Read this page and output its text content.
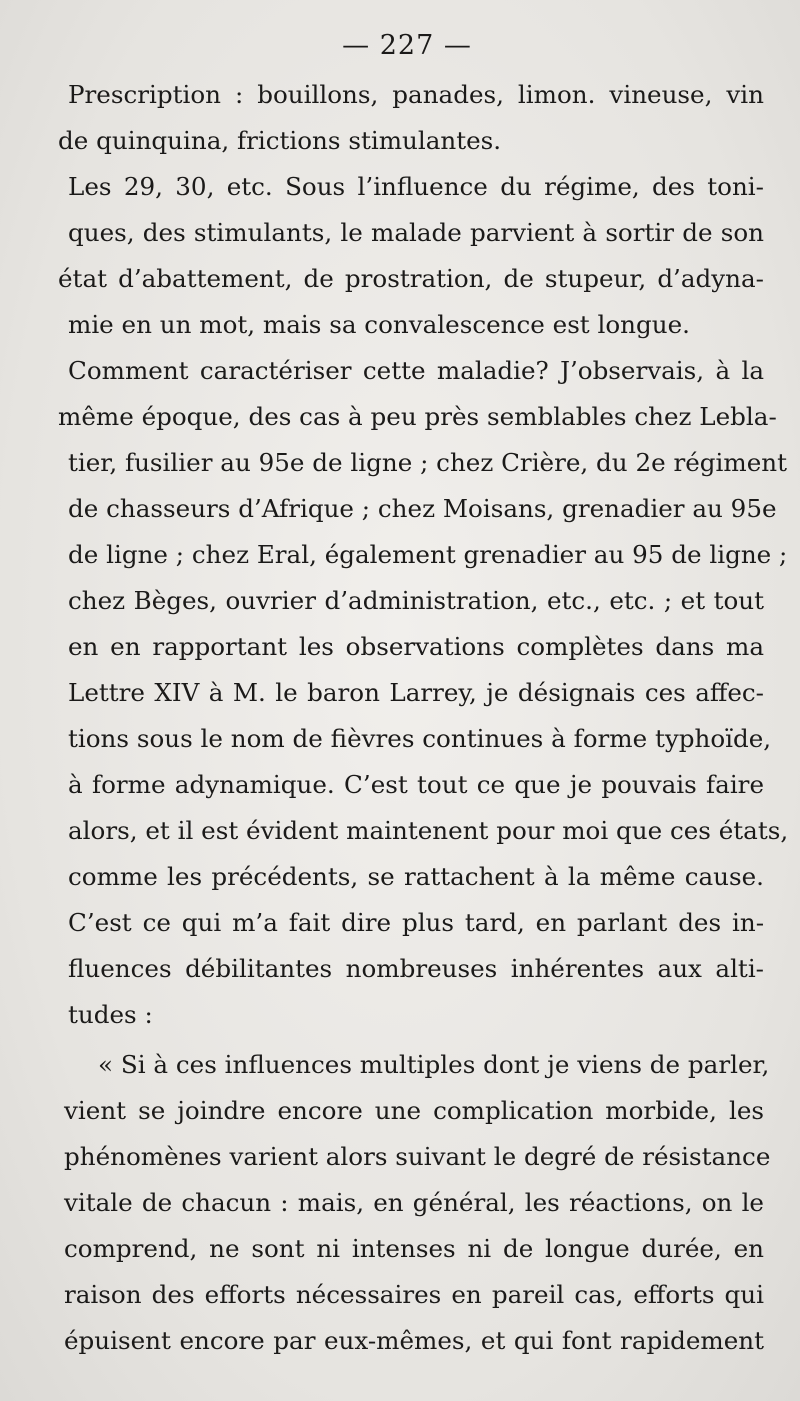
— 227 —
Prescription : bouillons, panades, limon. vineuse, vin
de quinquina, frictions stimulantes.
Les 29, 30, etc. Sous l’influence du régime, des toni-
ques, des stimulants, le malade parvient à sortir de son
état d’abattement, de prostration, de stupeur, d’adyna-
mie en un mot, mais sa convalescence est longue.
Comment caractériser cette maladie? J’observais, à la
même époque, des cas à peu près semblables chez Lebla-
tier, fusilier au 95e de ligne ; chez Crière, du 2e régiment
de chasseurs d’Afrique ; chez Moisans, grenadier au 95e
de ligne ; chez Eral, également grenadier au 95 de ligne ;
chez Bèges, ouvrier d’administration, etc., etc. ; et tout
en en rapportant les observations complètes dans ma
Lettre XIV à M. le baron Larrey, je désignais ces affec-
tions sous le nom de fièvres continues à forme typhoïde,
à forme adynamique. C’est tout ce que je pouvais faire
alors, et il est évident maintenent pour moi que ces états,
comme les précédents, se rattachent à la même cause.
C’est ce qui m’a fait dire plus tard, en parlant des in-
fluences débilitantes nombreuses inhérentes aux alti-
tudes :
« Si à ces influences multiples dont je viens de parler,
vient se joindre encore une complication morbide, les
phénomènes varient alors suivant le degré de résistance
vitale de chacun : mais, en général, les réactions, on le
comprend, ne sont ni intenses ni de longue durée, en
raison des efforts nécessaires en pareil cas, efforts qui
épuisent encore par eux-mêmes, et qui font rapidement
